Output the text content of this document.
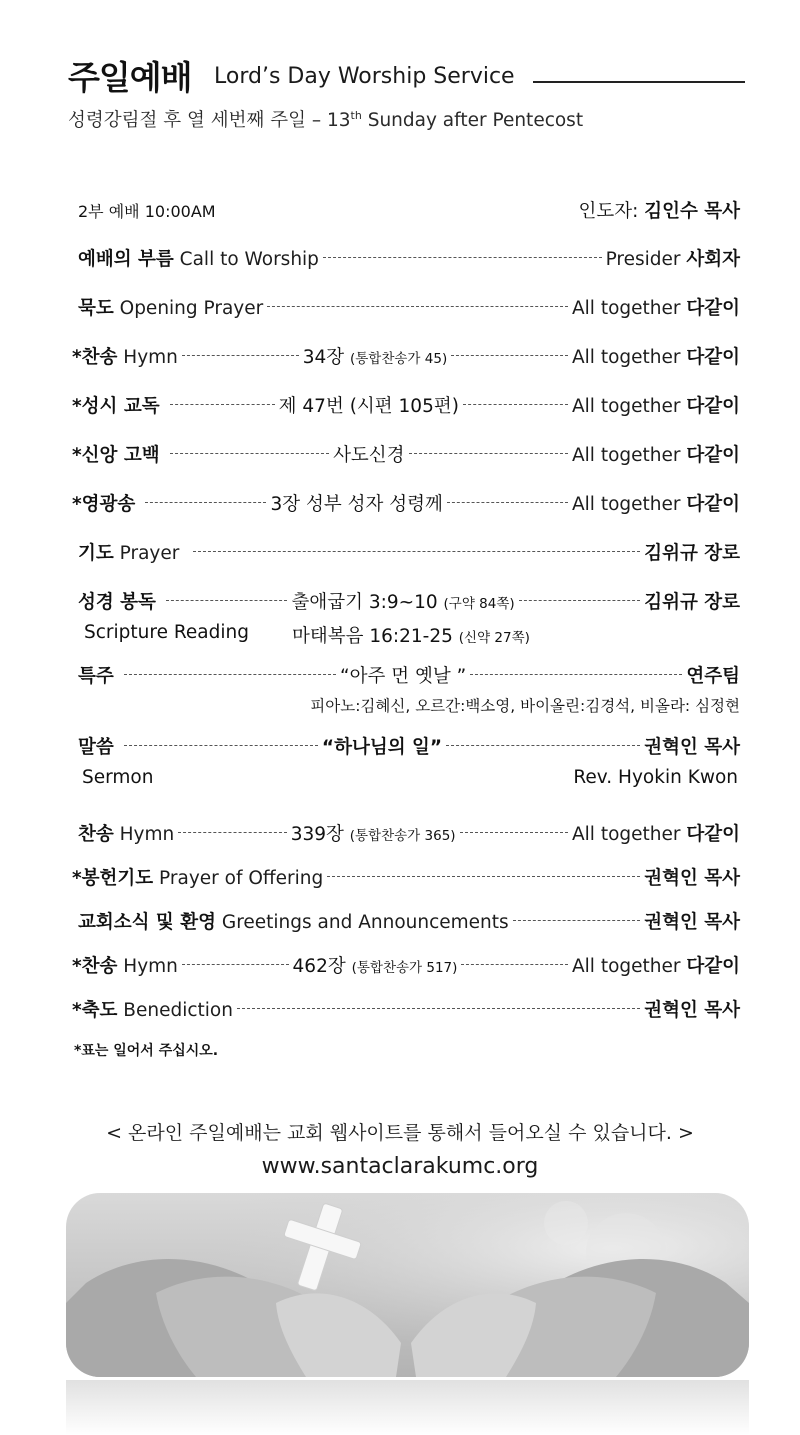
주일예배 Lord’s Day Worship Service
성령강림절 후 열 세번째 주일 – 13th Sunday after Pentecost
2부 예배 10:00AM	인도자: 김인수 목사
예배의 부름 Call to Worship	Presider 사회자
묵도 Opening Prayer	All together 다같이
*찬송 Hymn	34장 (통합찬송가 45)	All together 다같이
*성시 교독	제 47번 (시편 105편)	All together 다같이
*신앙 고백	사도신경	All together 다같이
*영광송	3장 성부 성자 성령께	All together 다같이
기도 Prayer	김위규 장로
성경 봉독	출애굽기 3:9~10 (구약 84쪽)	김위규 장로
Scripture Reading 마태복음 16:21-25 (신약 27쪽)
특주	“아주 먼 옛날 ”	연주팀
피아노:김혜신, 오르간:백소영, 바이올린:김경석, 비올라: 심정현
말씀	“하나님의 일”	권혁인 목사
Sermon	Rev. Hyokin Kwon
찬송 Hymn	339장 (통합찬송가 365)	All together 다같이
*봉헌기도 Prayer of Offering	권혁인 목사
교회소식 및 환영 Greetings and Announcements	권혁인 목사
*찬송 Hymn	462장 (통합찬송가 517)	All together 다같이
*축도 Benediction	권혁인 목사
*표는 일어서 주십시오.
< 온라인 주일예배는 교회 웹사이트를 통해서 들어오실 수 있습니다. >
www.santaclarakumc.org
